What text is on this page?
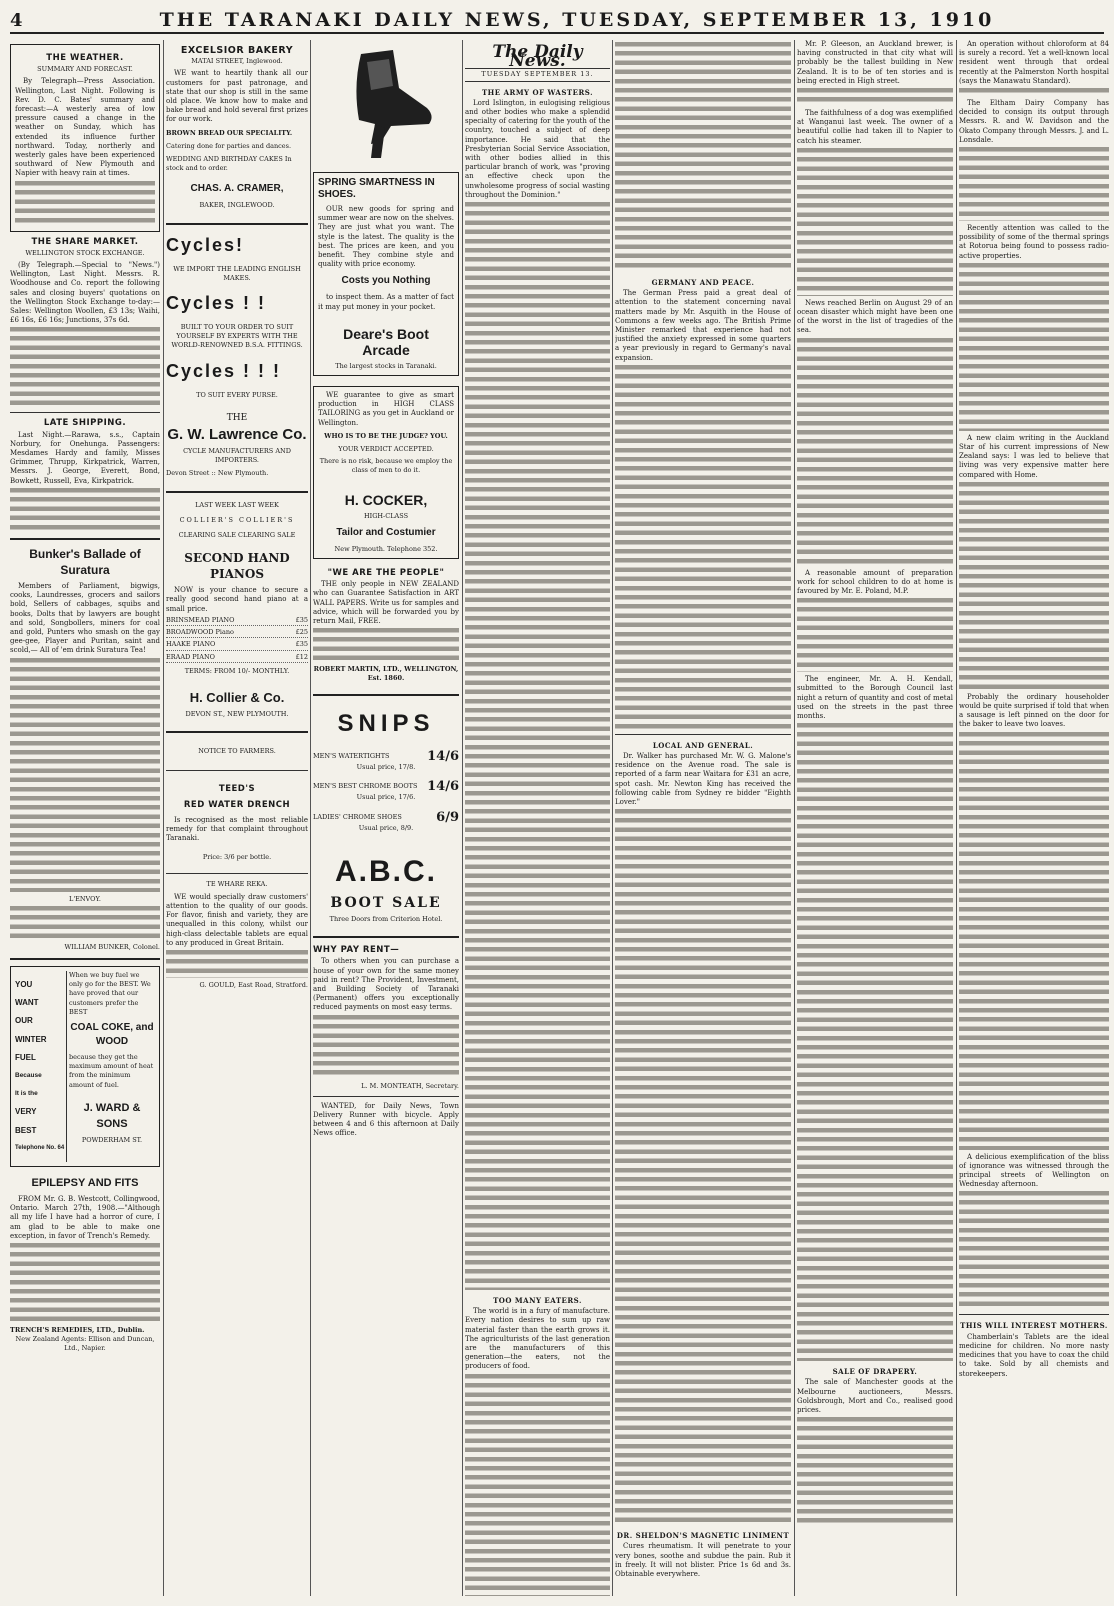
4	THE TARANAKI DAILY NEWS, TUESDAY, SEPTEMBER 13, 1910
THE WEATHER.
SUMMARY AND FORECAST.
By Telegraph—Press Association. Wellington, Last Night. Following is Rev. D. C. Bates' summary and forecast:—A westerly area of low pressure caused a change in the weather on Sunday, which has extended its influence further northward. Today, northerly and westerly gales have been experienced southward of New Plymouth and Napier with heavy rain at times.
THE SHARE MARKET.
WELLINGTON STOCK EXCHANGE.
(By Telegraph.—Special to "News.") Wellington, Last Night. Messrs. R. Woodhouse and Co. report the following sales and closing buyers' quotations on the Wellington Stock Exchange to-day:— Sales: Wellington Woollen, £3 13s; Waihi, £6 16s, £6 16s; Junctions, 37s 6d.
LATE SHIPPING.
Last Night.—Rarawa, s.s., Captain Norbury, for Onehunga. Passengers: Mesdames Hardy and family, Misses Grimmer, Thrupp, Kirkpatrick, Warren, Messrs. J. George, Everett, Bond, Bowkett, Russell, Eva, Kirkpatrick.
Bunker's Ballade of Suratura
Members of Parliament, bigwigs, cooks, Laundresses, grocers and sailors bold, Sellers of cabbages, squibs and books, Dolts that by lawyers are bought and sold, Songbollers, miners for coal and gold, Punters who smash on the gay gee-gee, Player and Puritan, saint and scold,— All of 'em drink Suratura Tea!
L'ENVOY.
WILLIAM BUNKER, Colonel.
YOU
WANT
OUR
WINTER
FUEL
Because
It is the
VERY
BEST
Telephone No. 64
When we buy fuel we only go for the BEST. We have proved that our customers prefer the BEST
COAL COKE, and WOOD
because they get the maximum amount of heat from the minimum amount of fuel.
J. WARD & SONS
POWDERHAM ST.
EPILEPSY AND FITS
FROM Mr. G. B. Westcott, Collingwood, Ontario. March 27th, 1908.—"Although all my life I have had a horror of cure, I am glad to be able to make one exception, in favor of Trench's Remedy.
TRENCH'S REMEDIES, LTD., Dublin.
New Zealand Agents: Ellison and Duncan, Ltd., Napier.
EXCELSIOR BAKERY
MATAI STREET, Inglewood.
WE want to heartily thank all our customers for past patronage, and state that our shop is still in the same old place. We know how to make and bake bread and hold several first prizes for our work.
BROWN BREAD OUR SPECIALITY.
Catering done for parties and dances.
WEDDING AND BIRTHDAY CAKES In stock and to order.
CHAS. A. CRAMER,
BAKER, INGLEWOOD.
Cycles!
WE IMPORT THE LEADING ENGLISH MAKES.
Cycles ! !
BUILT TO YOUR ORDER TO SUIT YOURSELF BY EXPERTS WITH THE WORLD-RENOWNED B.S.A. FITTINGS.
Cycles ! ! !
TO SUIT EVERY PURSE.
THE
G. W. Lawrence Co.
CYCLE MANUFACTURERS AND IMPORTERS.
Devon Street :: New Plymouth.
LAST WEEK LAST WEEK
COLLIER'S COLLIER'S
CLEARING SALE CLEARING SALE
SECOND HAND PIANOS
NOW is your chance to secure a really good second hand piano at a small price.
BRINSMEAD PIANO	£35
BROADWOOD Piano	£25
HAAKE PIANO	£35
ERAAD PIANO	£12
TERMS: FROM 10/- MONTHLY.
H. Collier & Co.
DEVON ST., NEW PLYMOUTH.
NOTICE TO FARMERS.
TEED'S
RED WATER DRENCH
Is recognised as the most reliable remedy for that complaint throughout Taranaki.
Price: 3/6 per bottle.
TE WHARE REKA.
WE would specially draw customers' attention to the quality of our goods. For flavor, finish and variety, they are unequalled in this colony, whilst our high-class delectable tablets are equal to any produced in Great Britain.
G. GOULD, East Road, Stratford.
SPRING SMARTNESS IN SHOES.
OUR new goods for spring and summer wear are now on the shelves. They are just what you want. The style is the latest. The quality is the best. The prices are keen, and you benefit. They combine style and quality with price economy.
Costs you Nothing
to inspect them. As a matter of fact it may put money in your pocket.
Deare's Boot Arcade
The largest stocks in Taranaki.
WE guarantee to give as smart production in HIGH CLASS TAILORING as you get in Auckland or Wellington.
WHO IS TO BE THE JUDGE? YOU.
YOUR VERDICT ACCEPTED.
There is no risk, because we employ the class of men to do it.
H. COCKER,
HIGH-CLASS
Tailor and Costumier
New Plymouth. Telephone 352.
"WE ARE THE PEOPLE"
THE only people in NEW ZEALAND who can Guarantee Satisfaction in ART WALL PAPERS. Write us for samples and advice, which will be forwarded you by return Mail, FREE.
ROBERT MARTIN, LTD., WELLINGTON, Est. 1860.
SNIPS
MEN'S WATERTIGHTS	14/6
Usual price, 17/8.
MEN'S BEST CHROME BOOTS 14/6
Usual price, 17/6.
LADIES' CHROME SHOES	6/9
Usual price, 8/9.
A.B.C.
BOOT SALE
Three Doors from Criterion Hotel.
WHY PAY RENT—
To others when you can purchase a house of your own for the same money paid in rent? The Provident, Investment, and Building Society of Taranaki (Permanent) offers you exceptionally reduced payments on most easy terms.
L. M. MONTEATH, Secretary.
WANTED, for Daily News, Town Delivery Runner with bicycle. Apply between 4 and 6 this afternoon at Daily News office.
The Daily News.
TUESDAY SEPTEMBER 13.
THE ARMY OF WASTERS.
Lord Islington, in eulogising religious and other bodies who make a splendid specialty of catering for the youth of the country, touched a subject of deep importance. He said that the Presbyterian Social Service Association, with other bodies allied in this particular branch of work, was "proving an effective check upon the unwholesome progress of social wasting throughout the Dominion."
TOO MANY EATERS.
The world is in a fury of manufacture. Every nation desires to sum up raw material faster than the earth grows it. The agriculturists of the last generation are the manufacturers of this generation—the eaters, not the producers of food.
GERMANY AND PEACE.
The German Press paid a great deal of attention to the statement concerning naval matters made by Mr. Asquith in the House of Commons a few weeks ago. The British Prime Minister remarked that experience had not justified the anxiety expressed in some quarters a year previously in regard to Germany's naval expansion.
LOCAL AND GENERAL.
Dr. Walker has purchased Mr. W. G. Malone's residence on the Avenue road. The sale is reported of a farm near Waitara for £31 an acre, spot cash. Mr. Newton King has received the following cable from Sydney re bidder "Eighth Lover."
DR. SHELDON'S MAGNETIC LINIMENT
Cures rheumatism. It will penetrate to your very bones, soothe and subdue the pain. Rub it in freely. It will not blister. Price 1s 6d and 3s. Obtainable everywhere.
Mr. P. Gleeson, an Auckland brewer, is having constructed in that city what will probably be the tallest building in New Zealand. It is to be of ten stories and is being erected in High street.
The faithfulness of a dog was exemplified at Wanganui last week. The owner of a beautiful collie had taken ill to Napier to catch his steamer.
News reached Berlin on August 29 of an ocean disaster which might have been one of the worst in the list of tragedies of the sea.
A reasonable amount of preparation work for school children to do at home is favoured by Mr. E. Poland, M.P.
The engineer, Mr. A. H. Kendall, submitted to the Borough Council last night a return of quantity and cost of metal used on the streets in the past three months.
SALE OF DRAPERY.
The sale of Manchester goods at the Melbourne auctioneers, Messrs. Goldsbrough, Mort and Co., realised good prices.
An operation without chloroform at 84 is surely a record. Yet a well-known local resident went through that ordeal recently at the Palmerston North hospital (says the Manawatu Standard).
The Eltham Dairy Company has decided to consign its output through Messrs. R. and W. Davidson and the Okato Company through Messrs. J. and L. Lonsdale.
Recently attention was called to the possibility of some of the thermal springs at Rotorua being found to possess radio-active properties.
A new claim writing in the Auckland Star of his current impressions of New Zealand says: I was led to believe that living was very expensive matter here compared with Home.
Probably the ordinary householder would be quite surprised if told that when a sausage is left pinned on the door for the baker to leave two loaves.
A delicious exemplification of the bliss of ignorance was witnessed through the principal streets of Wellington on Wednesday afternoon.
THIS WILL INTEREST MOTHERS.
Chamberlain's Tablets are the ideal medicine for children. No more nasty medicines that you have to coax the child to take. Sold by all chemists and storekeepers.
